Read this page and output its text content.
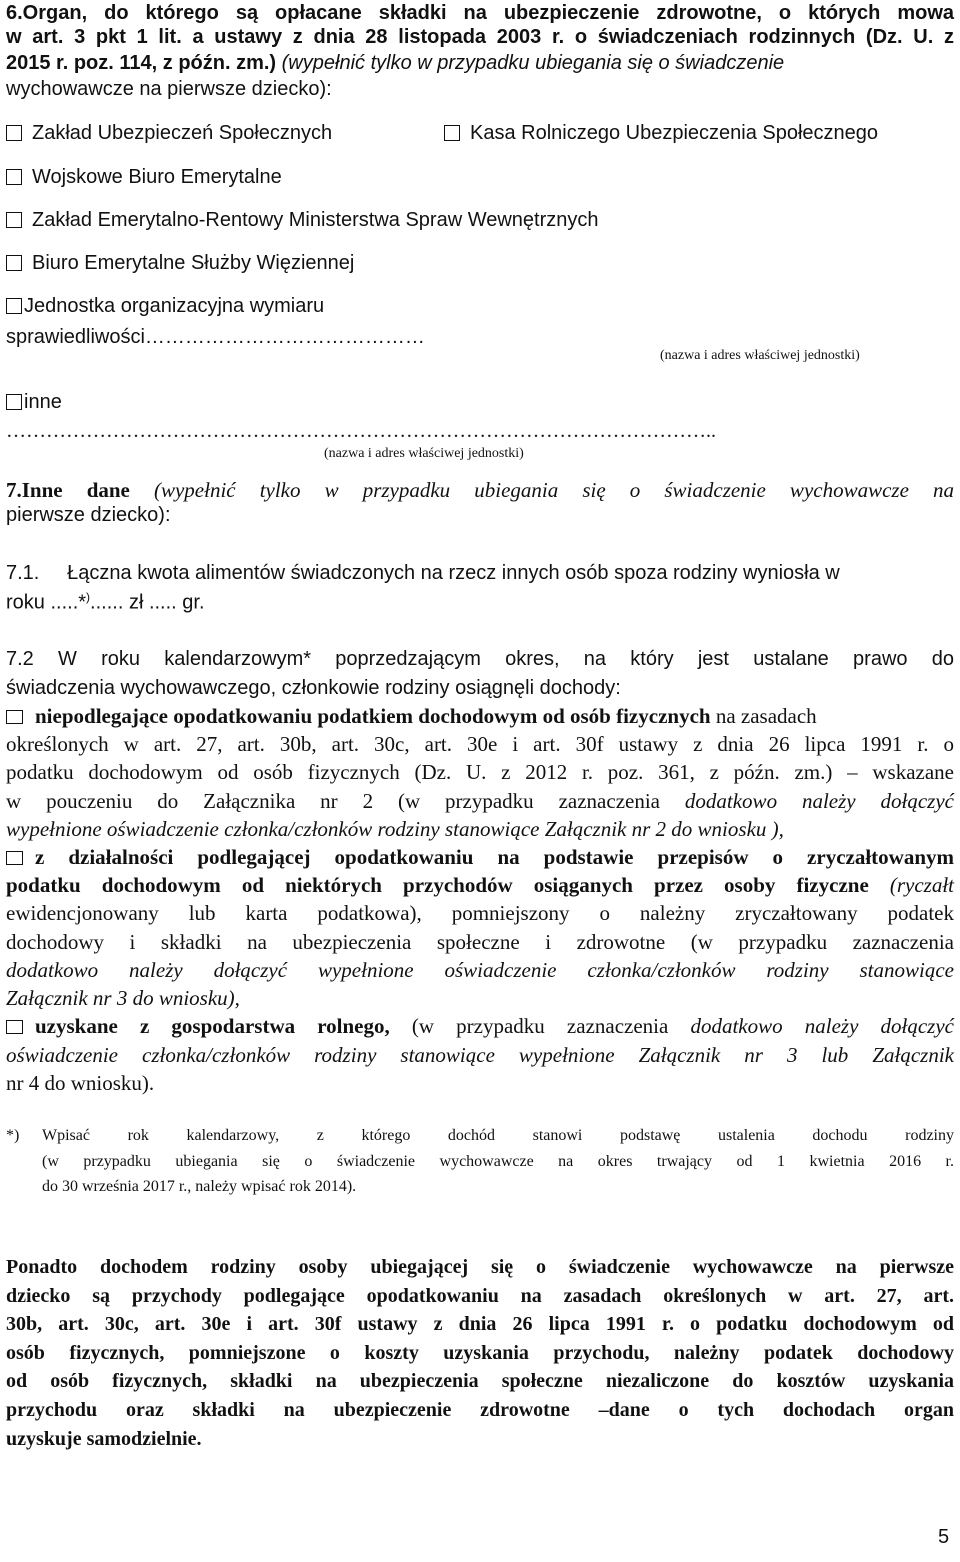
6.Organ, do którego są opłacane składki na ubezpieczenie zdrowotne, o których mowa
w art. 3 pkt 1 lit. a ustawy z dnia 28 listopada 2003 r. o świadczeniach rodzinnych (Dz. U. z
2015 r. poz. 114, z późn. zm.) (wypełnić tylko w przypadku ubiegania się o świadczenie
wychowawcze na pierwsze dziecko):
Zakład Ubezpieczeń Społecznych	Kasa Rolniczego Ubezpieczenia Społecznego
Wojskowe Biuro Emerytalne
Zakład Emerytalno-Rentowy Ministerstwa Spraw Wewnętrznych
Biuro Emerytalne Służby Więziennej
Jednostka organizacyjna wymiaru
sprawiedliwości……………………………………
(nazwa i adres właściwej jednostki)
inne
……………………………………………………………………………………………..
(nazwa i adres właściwej jednostki)
7.Inne dane (wypełnić tylko w przypadku ubiegania się o świadczenie wychowawcze na
pierwsze dziecko):
7.1.     Łączna kwota alimentów świadczonych na rzecz innych osób spoza rodziny wyniosła w
roku .....*)...... zł ..... gr.
7.2 W roku kalendarzowym* poprzedzającym okres, na który jest ustalane prawo do
świadczenia wychowawczego, członkowie rodziny osiągnęli dochody:
niepodlegające opodatkowaniu podatkiem dochodowym od osób fizycznych na zasadach
określonych w art. 27, art. 30b, art. 30c, art. 30e i art. 30f ustawy z dnia 26 lipca 1991 r. o
podatku dochodowym od osób fizycznych (Dz. U. z 2012 r. poz. 361, z późn. zm.) – wskazane
w pouczeniu do Załącznika nr 2 (w przypadku zaznaczenia dodatkowo należy dołączyć
wypełnione oświadczenie członka/członków rodziny stanowiące Załącznik nr 2 do wniosku ),
z działalności podlegającej opodatkowaniu na podstawie przepisów o zryczałtowanym
podatku dochodowym od niektórych przychodów osiąganych przez osoby fizyczne (ryczałt
ewidencjonowany lub karta podatkowa), pomniejszony o należny zryczałtowany podatek
dochodowy i składki na ubezpieczenia społeczne i zdrowotne (w przypadku zaznaczenia
dodatkowo należy dołączyć wypełnione oświadczenie członka/członków rodziny stanowiące
Załącznik nr 3 do wniosku),
uzyskane z gospodarstwa rolnego, (w przypadku zaznaczenia dodatkowo należy dołączyć
oświadczenie członka/członków rodziny stanowiące wypełnione Załącznik nr 3 lub Załącznik
nr 4 do wniosku).
*) Wpisać rok kalendarzowy, z którego dochód stanowi podstawę ustalenia dochodu rodziny
(w przypadku ubiegania się o świadczenie wychowawcze na okres trwający od 1 kwietnia 2016 r.
do 30 września 2017 r., należy wpisać rok 2014).
Ponadto dochodem rodziny osoby ubiegającej się o świadczenie wychowawcze na pierwsze
dziecko są przychody podlegające opodatkowaniu na zasadach określonych w art. 27, art.
30b, art. 30c, art. 30e i art. 30f ustawy z dnia 26 lipca 1991 r. o podatku dochodowym od
osób fizycznych, pomniejszone o koszty uzyskania przychodu, należny podatek dochodowy
od osób fizycznych, składki na ubezpieczenia społeczne niezaliczone do kosztów uzyskania
przychodu oraz składki na ubezpieczenie zdrowotne –dane o tych dochodach organ
uzyskuje samodzielnie.
5
